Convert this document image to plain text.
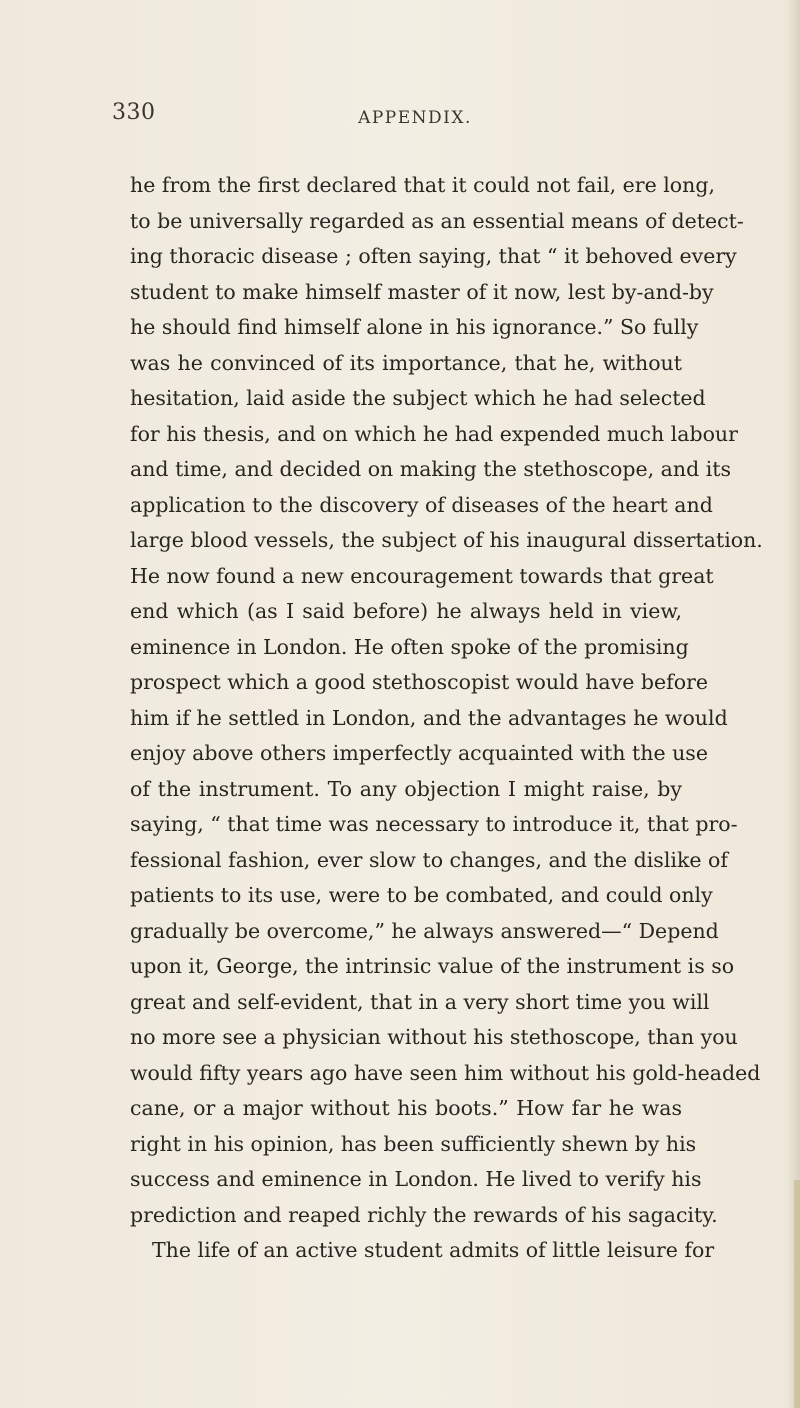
330	APPENDIX.
he from the first declared that it could not fail, ere long,
to be universally regarded as an essential means of detect-
ing thoracic disease ; often saying, that “ it behoved every
student to make himself master of it now, lest by-and-by
he should find himself alone in his ignorance.” So fully
was he convinced of its importance, that he, without
hesitation, laid aside the subject which he had selected
for his thesis, and on which he had expended much labour
and time, and decided on making the stethoscope, and its
application to the discovery of diseases of the heart and
large blood vessels, the subject of his inaugural dissertation.
He now found a new encouragement towards that great
end which (as I said before) he always held in view,
eminence in London. He often spoke of the promising
prospect which a good stethoscopist would have before
him if he settled in London, and the advantages he would
enjoy above others imperfectly acquainted with the use
of the instrument. To any objection I might raise, by
saying, “ that time was necessary to introduce it, that pro-
fessional fashion, ever slow to changes, and the dislike of
patients to its use, were to be combated, and could only
gradually be overcome,” he always answered—“ Depend
upon it, George, the intrinsic value of the instrument is so
great and self-evident, that in a very short time you will
no more see a physician without his stethoscope, than you
would fifty years ago have seen him without his gold-headed
cane, or a major without his boots.” How far he was
right in his opinion, has been sufficiently shewn by his
success and eminence in London. He lived to verify his
prediction and reaped richly the rewards of his sagacity.
The life of an active student admits of little leisure for
